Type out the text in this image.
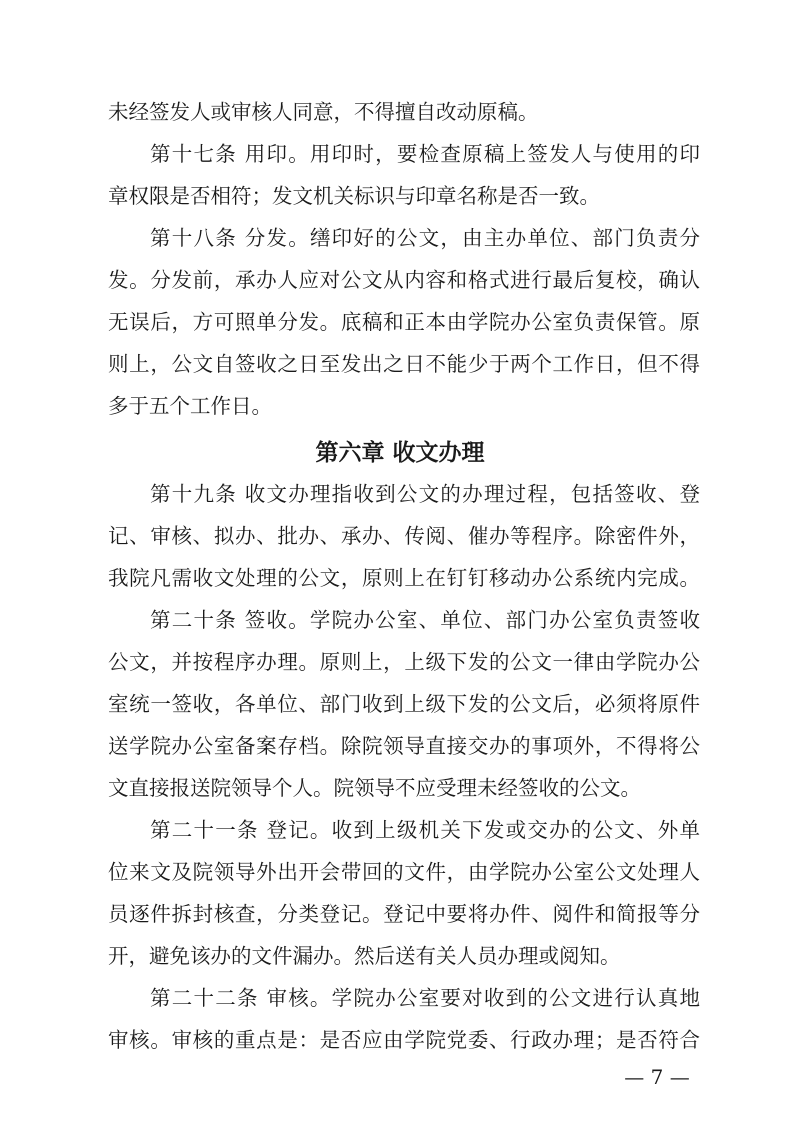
未经签发人或审核人同意，不得擅自改动原稿。
第十七条 用印。用印时，要检查原稿上签发人与使用的印
章权限是否相符；发文机关标识与印章名称是否一致。
第十八条 分发。缮印好的公文，由主办单位、部门负责分
发。分发前，承办人应对公文从内容和格式进行最后复校，确认
无误后，方可照单分发。底稿和正本由学院办公室负责保管。原
则上，公文自签收之日至发出之日不能少于两个工作日，但不得
多于五个工作日。
第六章 收文办理
第十九条 收文办理指收到公文的办理过程，包括签收、登
记、审核、拟办、批办、承办、传阅、催办等程序。除密件外，
我院凡需收文处理的公文，原则上在钉钉移动办公系统内完成。
第二十条 签收。学院办公室、单位、部门办公室负责签收
公文，并按程序办理。原则上，上级下发的公文一律由学院办公
室统一签收，各单位、部门收到上级下发的公文后，必须将原件
送学院办公室备案存档。除院领导直接交办的事项外，不得将公
文直接报送院领导个人。院领导不应受理未经签收的公文。
第二十一条 登记。收到上级机关下发或交办的公文、外单
位来文及院领导外出开会带回的文件，由学院办公室公文处理人
员逐件拆封核查，分类登记。登记中要将办件、阅件和简报等分
开，避免该办的文件漏办。然后送有关人员办理或阅知。
第二十二条 审核。学院办公室要对收到的公文进行认真地
审核。审核的重点是：是否应由学院党委、行政办理；是否符合
— 7 —
